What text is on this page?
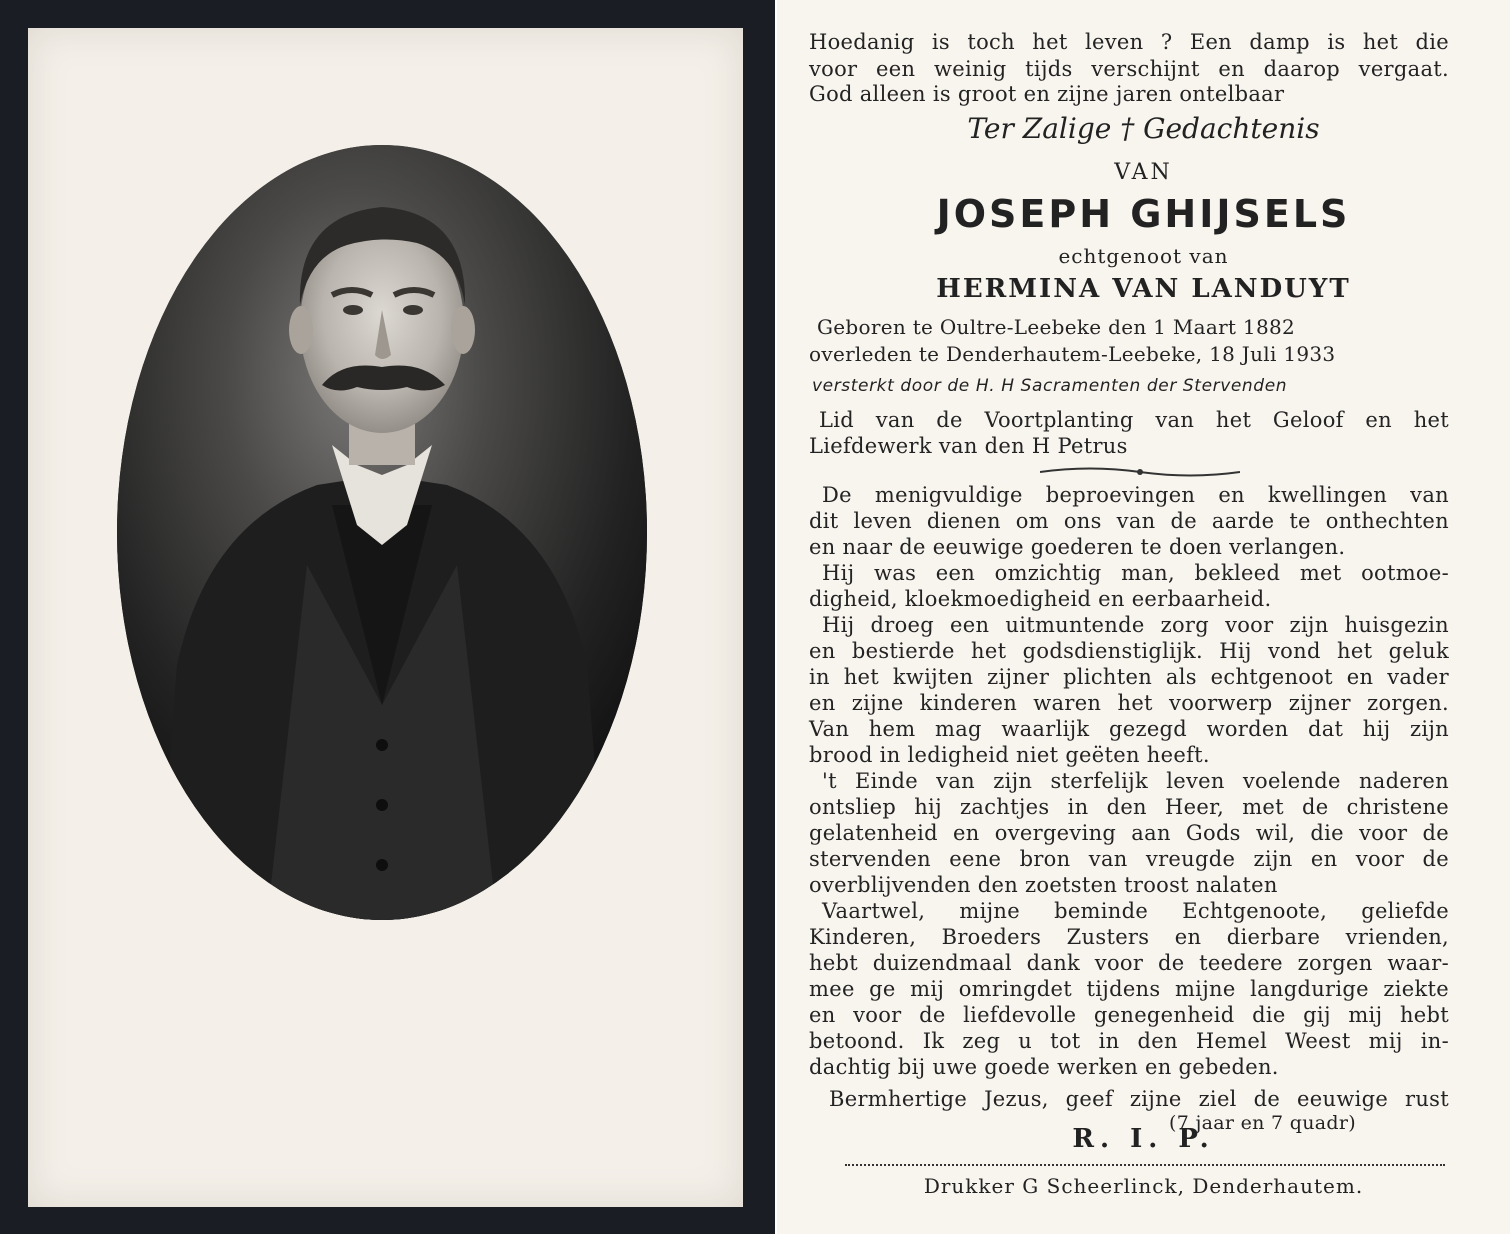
Hoedanig is toch het leven ? Een damp is het die
voor een weinig tijds verschijnt en daarop vergaat.
God alleen is groot en zijne jaren ontelbaar
Ter Zalige † Gedachtenis
VAN
JOSEPH GHIJSELS
echtgenoot van
HERMINA VAN LANDUYT
Geboren te Oultre-Leebeke den 1 Maart 1882
overleden te Denderhautem-Leebeke, 18 Juli 1933
versterkt door de H. H Sacramenten der Stervenden
Lid van de Voortplanting van het Geloof en het
Liefdewerk van den H Petrus
De menigvuldige beproevingen en kwellingen van
dit leven dienen om ons van de aarde te onthechten
en naar de eeuwige goederen te doen verlangen.
Hij was een omzichtig man, bekleed met ootmoe-
digheid, kloekmoedigheid en eerbaarheid.
Hij droeg een uitmuntende zorg voor zijn huisgezin
en bestierde het godsdienstiglijk. Hij vond het geluk
in het kwijten zijner plichten als echtgenoot en vader
en zijne kinderen waren het voorwerp zijner zorgen.
Van hem mag waarlijk gezegd worden dat hij zijn
brood in ledigheid niet geëten heeft.
't Einde van zijn sterfelijk leven voelende naderen
ontsliep hij zachtjes in den Heer, met de christene
gelatenheid en overgeving aan Gods wil, die voor de
stervenden eene bron van vreugde zijn en voor de
overblijvenden den zoetsten troost nalaten
Vaartwel, mijne beminde Echtgenoote, geliefde
Kinderen, Broeders Zusters en dierbare vrienden,
hebt duizendmaal dank voor de teedere zorgen waar-
mee ge mij omringdet tijdens mijne langdurige ziekte
en voor de liefdevolle genegenheid die gij mij hebt
betoond. Ik zeg u tot in den Hemel Weest mij in-
dachtig bij uwe goede werken en gebeden.
Bermhertige Jezus, geef zijne ziel de eeuwige rust
(7 jaar en 7 quadr)
R. I. P.
Drukker G Scheerlinck, Denderhautem.
